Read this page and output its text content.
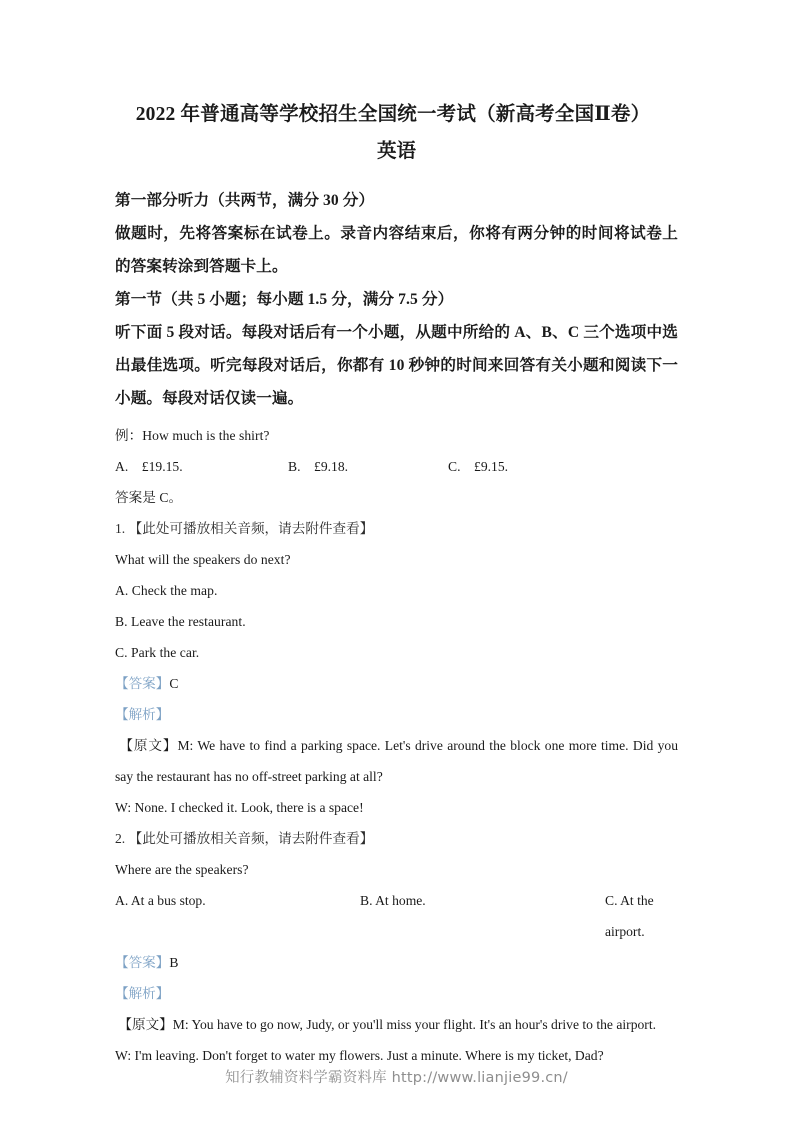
2022 年普通高等学校招生全国统一考试（新高考全国Ⅱ卷）
英语

第一部分听力（共两节，满分 30 分）

做题时，先将答案标在试卷上。录音内容结束后，你将有两分钟的时间将试卷上的答案转涂到答题卡上。

第一节（共 5 小题；每小题 1.5 分，满分 7.5 分）

听下面 5 段对话。每段对话后有一个小题，从题中所给的 A、B、C 三个选项中选出最佳选项。听完每段对话后，你都有 10 秒钟的时间来回答有关小题和阅读下一小题。每段对话仅读一遍。

例：How much is the shirt?

A.　£19.15.	B.　£9.18.	C.　£9.15.

答案是 C。

1. 【此处可播放相关音频，请去附件查看】

What will the speakers do next?

A. Check the map.

B. Leave the restaurant.

C. Park the car.

【答案】C

【解析】

【原文】M: We have to find a parking space. Let's drive around the block one more time. Did you say the restaurant has no off-street parking at all?

W: None. I checked it. Look, there is a space!

2. 【此处可播放相关音频，请去附件查看】

Where are the speakers?

A. At a bus stop.	B. At home.	C. At the airport.

【答案】B

【解析】

【原文】M: You have to go now, Judy, or you'll miss your flight. It's an hour's drive to the airport.

W: I'm leaving. Don't forget to water my flowers. Just a minute. Where is my ticket, Dad?

知行教辅资料学霸资料库 http://www.lianjie99.cn/
